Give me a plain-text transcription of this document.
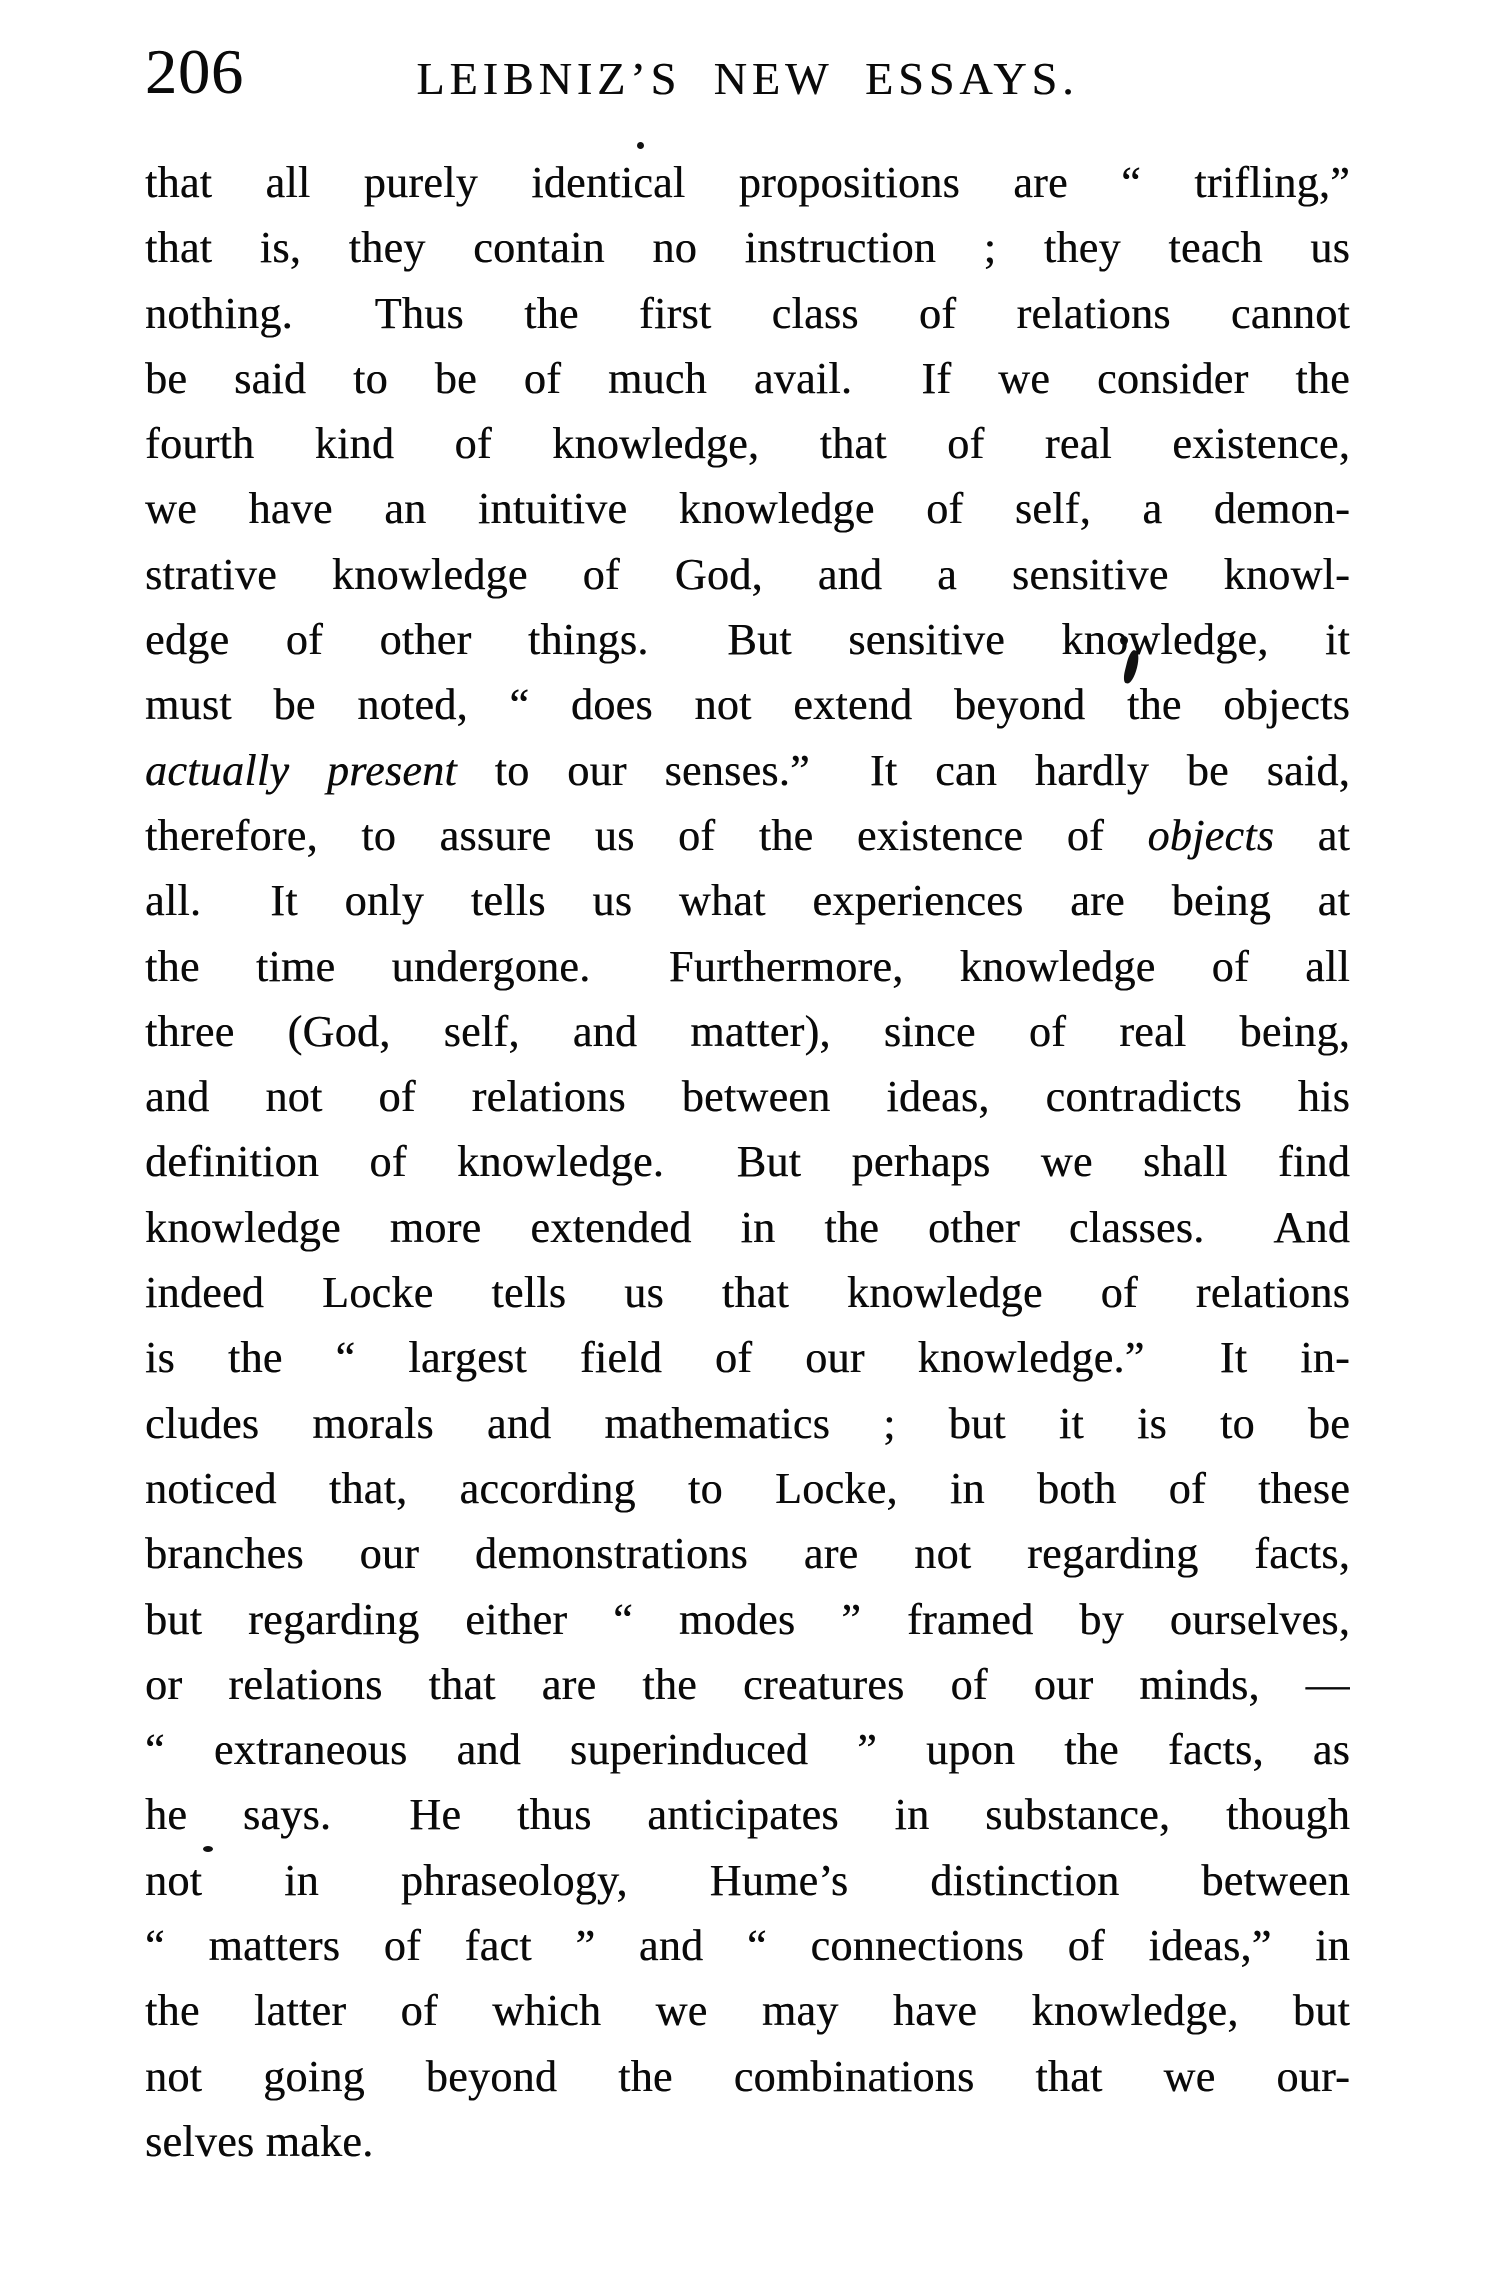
206	LEIBNIZ’S NEW ESSAYS.
that all purely identical propositions are “ trifling,”
that is, they contain no instruction ; they teach us
nothing.  Thus the first class of relations cannot
be said to be of much avail.  If we consider the
fourth kind of knowledge, that of real existence,
we have an intuitive knowledge of self, a demon-
strative knowledge of God, and a sensitive knowl-
edge of other things.  But sensitive knowledge, it
must be noted, “ does not extend beyond the objects
actually present to our senses.”  It can hardly be said,
therefore, to assure us of the existence of objects at
all.  It only tells us what experiences are being at
the time undergone.  Furthermore, knowledge of all
three (God, self, and matter), since of real being,
and not of relations between ideas, contradicts his
definition of knowledge.  But perhaps we shall find
knowledge more extended in the other classes.  And
indeed Locke tells us that knowledge of relations
is the “ largest field of our knowledge.”  It in-
cludes morals and mathematics ; but it is to be
noticed that, according to Locke, in both of these
branches our demonstrations are not regarding facts,
but regarding either “ modes ” framed by ourselves,
or relations that are the creatures of our minds, —
“ extraneous and superinduced ” upon the facts, as
he says.  He thus anticipates in substance, though
not in phraseology, Hume’s distinction between
“ matters of fact ” and “ connections of ideas,” in
the latter of which we may have knowledge, but
not going beyond the combinations that we our-
selves make.
